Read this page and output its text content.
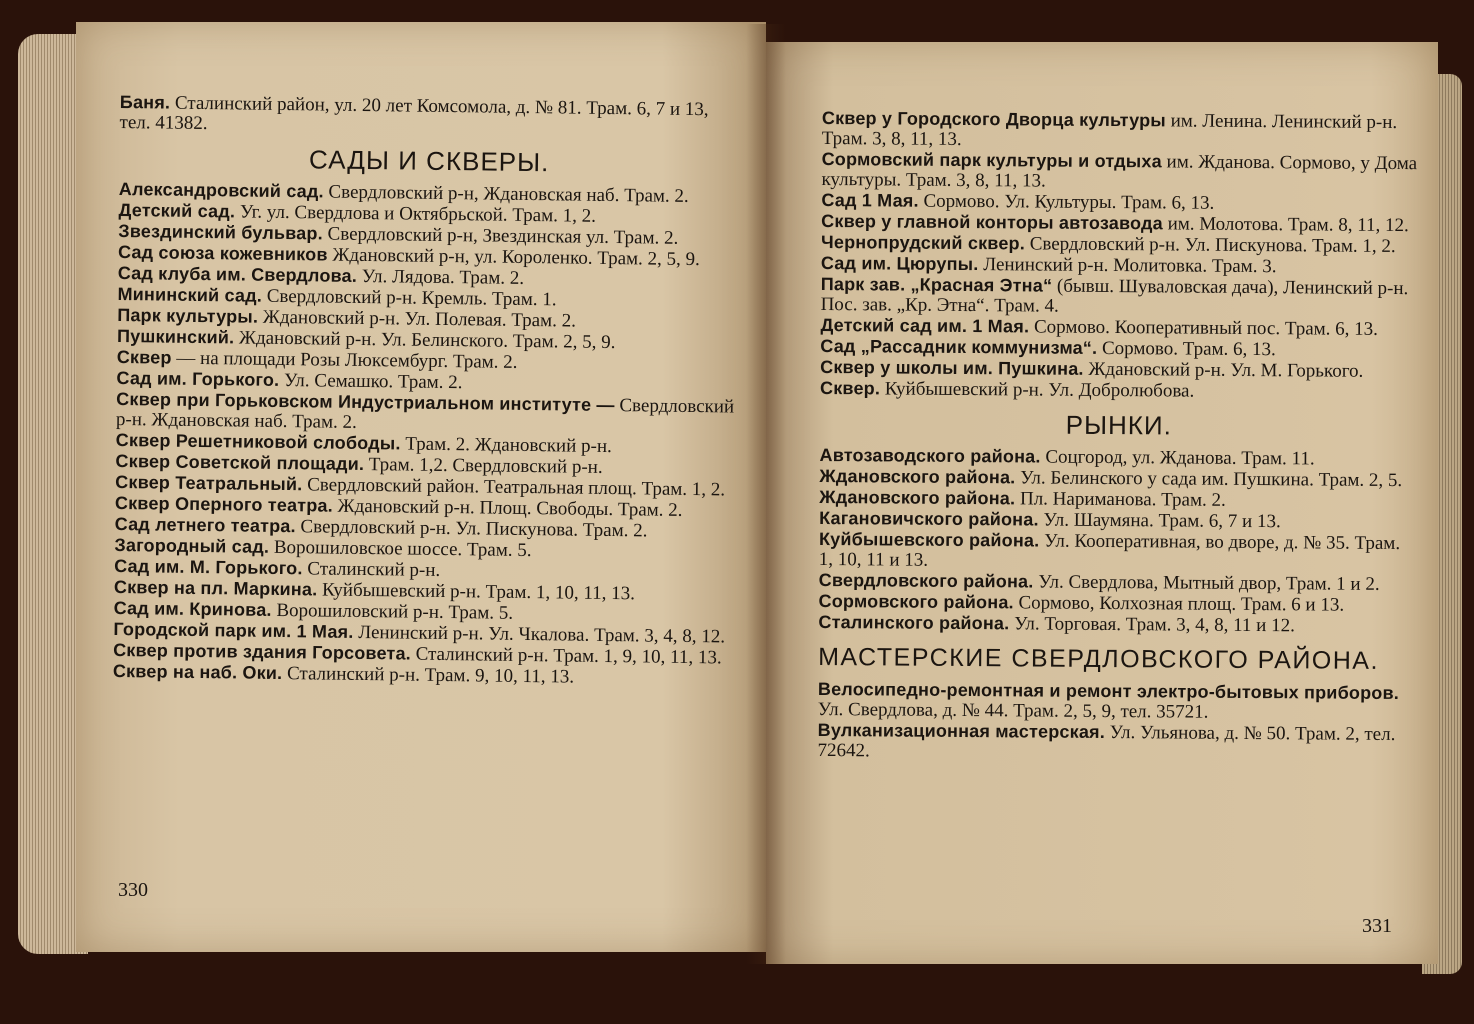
Баня. Сталинский район, ул. 20 лет Комсомола, д. № 81. Трам. 6, 7 и 13, тел. 41382.

САДЫ И СКВЕРЫ.

Александровский сад. Свердловский р-н, Ждановская наб. Трам. 2.

Детский сад. Уг. ул. Свердлова и Октябрьской. Трам. 1, 2.

Звездинский бульвар. Свердловский р-н, Звездинская ул. Трам. 2.

Сад союза кожевников Ждановский р-н, ул. Короленко. Трам. 2, 5, 9.

Сад клуба им. Свердлова. Ул. Лядова. Трам. 2.

Мининский сад. Свердловский р-н. Кремль. Трам. 1.

Парк культуры. Ждановский р-н. Ул. Полевая. Трам. 2.

Пушкинский. Ждановский р-н. Ул. Белинского. Трам. 2, 5, 9.

Сквер — на площади Розы Люксембург. Трам. 2.

Сад им. Горького. Ул. Семашко. Трам. 2.

Сквер при Горьковском Индустриальном институте — Свердловский р-н. Ждановская наб. Трам. 2.

Сквер Решетниковой слободы. Трам. 2. Ждановский р-н.

Сквер Советской площади. Трам. 1,2. Свердловский р-н.

Сквер Театральный. Свердловский район. Театральная площ. Трам. 1, 2.

Сквер Оперного театра. Ждановский р-н. Площ. Свободы. Трам. 2.

Сад летнего театра. Свердловский р-н. Ул. Пискунова. Трам. 2.

Загородный сад. Ворошиловское шоссе. Трам. 5.

Сад им. М. Горького. Сталинский р-н.

Сквер на пл. Маркина. Куйбышевский р-н. Трам. 1, 10, 11, 13.

Сад им. Кринова. Ворошиловский р-н. Трам. 5.

Городской парк им. 1 Мая. Ленинский р-н. Ул. Чкалова. Трам. 3, 4, 8, 12.

Сквер против здания Горсовета. Сталинский р-н. Трам. 1, 9, 10, 11, 13.

Сквер на наб. Оки. Сталинский р-н. Трам. 9, 10, 11, 13.

330

Сквер у Городского Дворца культуры им. Ленина. Ленинский р-н. Трам. 3, 8, 11, 13.

Сормовский парк культуры и отдыха им. Жданова. Сормово, у Дома культуры. Трам. 3, 8, 11, 13.

Сад 1 Мая. Сормово. Ул. Культуры. Трам. 6, 13.

Сквер у главной конторы автозавода им. Молотова. Трам. 8, 11, 12.

Чернопрудский сквер. Свердловский р-н. Ул. Пискунова. Трам. 1, 2.

Сад им. Цюрупы. Ленинский р-н. Молитовка. Трам. 3.

Парк зав. „Красная Этна“ (бывш. Шуваловская дача), Ленинский р-н. Пос. зав. „Кр. Этна“. Трам. 4.

Детский сад им. 1 Мая. Сормово. Кооперативный пос. Трам. 6, 13.

Сад „Рассадник коммунизма“. Сормово. Трам. 6, 13.

Сквер у школы им. Пушкина. Ждановский р-н. Ул. М. Горького.

Сквер. Куйбышевский р-н. Ул. Добролюбова.

РЫНКИ.

Автозаводского района. Соцгород, ул. Жданова. Трам. 11.

Ждановского района. Ул. Белинского у сада им. Пушкина. Трам. 2, 5.

Ждановского района. Пл. Нариманова. Трам. 2.

Кагановичского района. Ул. Шаумяна. Трам. 6, 7 и 13.

Куйбышевского района. Ул. Кооперативная, во дворе, д. № 35. Трам. 1, 10, 11 и 13.

Свердловского района. Ул. Свердлова, Мытный двор, Трам. 1 и 2.

Сормовского района. Сормово, Колхозная площ. Трам. 6 и 13.

Сталинского района. Ул. Торговая. Трам. 3, 4, 8, 11 и 12.

МАСТЕРСКИЕ СВЕРДЛОВСКОГО РАЙОНА.

Велосипедно-ремонтная и ремонт электро-бытовых приборов. Ул. Свердлова, д. № 44. Трам. 2, 5, 9, тел. 35721.

Вулканизационная мастерская. Ул. Ульянова, д. № 50. Трам. 2, тел. 72642.

331
